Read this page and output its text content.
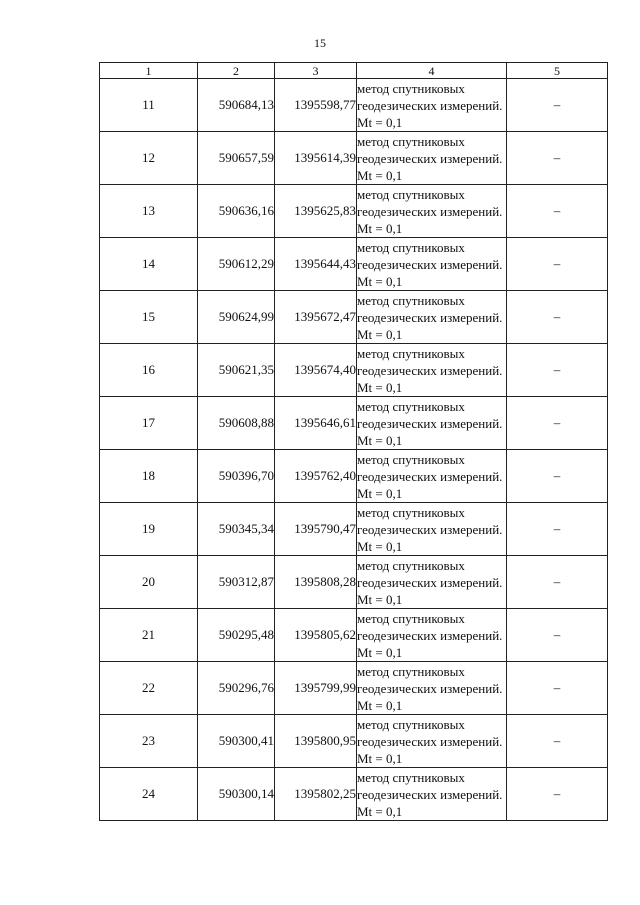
15
1	2	3	4	5
11	590684,13	1395598,77	метод спутниковых геодезических измерений. Mt = 0,1	–
12	590657,59	1395614,39	метод спутниковых геодезических измерений. Mt = 0,1	–
13	590636,16	1395625,83	метод спутниковых геодезических измерений. Mt = 0,1	–
14	590612,29	1395644,43	метод спутниковых геодезических измерений. Mt = 0,1	–
15	590624,99	1395672,47	метод спутниковых геодезических измерений. Mt = 0,1	–
16	590621,35	1395674,40	метод спутниковых геодезических измерений. Mt = 0,1	–
17	590608,88	1395646,61	метод спутниковых геодезических измерений. Mt = 0,1	–
18	590396,70	1395762,40	метод спутниковых геодезических измерений. Mt = 0,1	–
19	590345,34	1395790,47	метод спутниковых геодезических измерений. Mt = 0,1	–
20	590312,87	1395808,28	метод спутниковых геодезических измерений. Mt = 0,1	–
21	590295,48	1395805,62	метод спутниковых геодезических измерений. Mt = 0,1	–
22	590296,76	1395799,99	метод спутниковых геодезических измерений. Mt = 0,1	–
23	590300,41	1395800,95	метод спутниковых геодезических измерений. Mt = 0,1	–
24	590300,14	1395802,25	метод спутниковых геодезических измерений. Mt = 0,1	–
